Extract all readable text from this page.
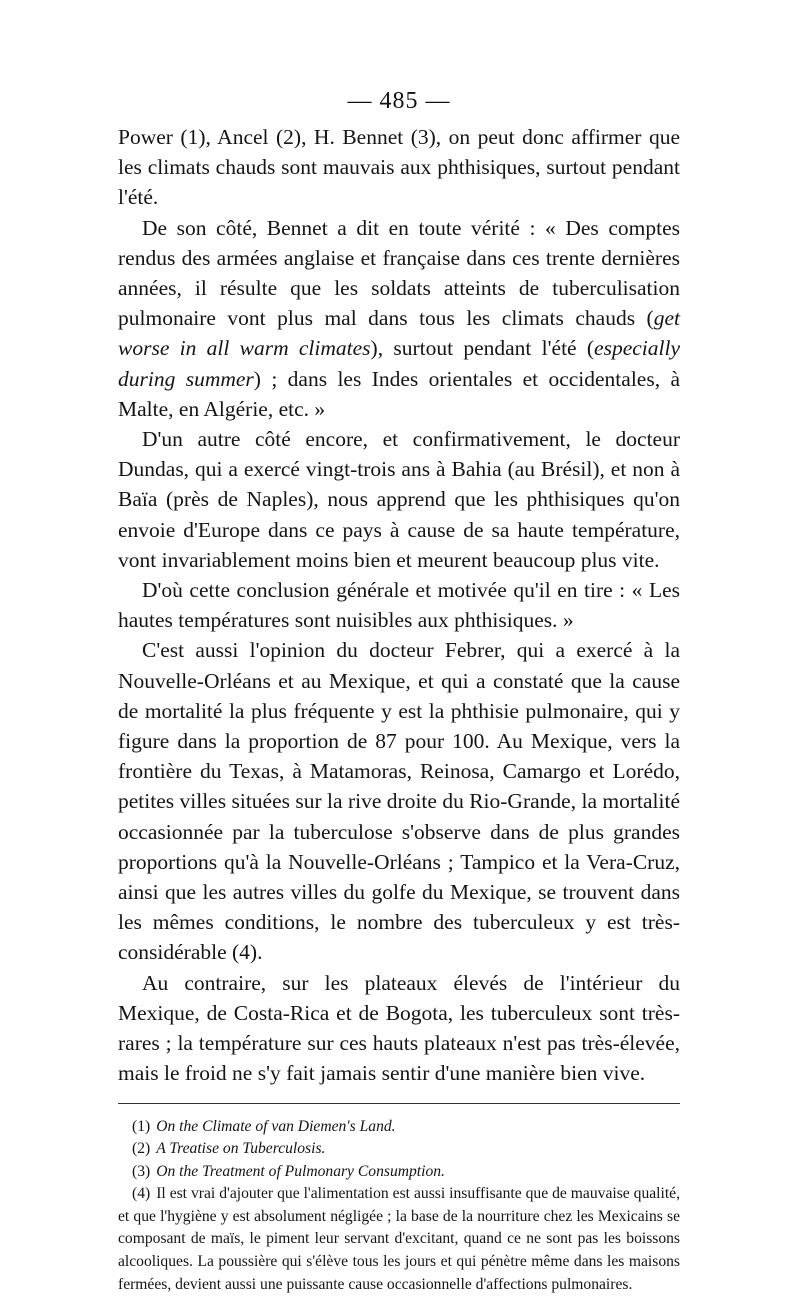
— 485 —

Power (1), Ancel (2), H. Bennet (3), on peut donc affirmer que les climats chauds sont mauvais aux phthisiques, surtout pendant l'été.

De son côté, Bennet a dit en toute vérité : « Des comptes rendus des armées anglaise et française dans ces trente dernières années, il résulte que les soldats atteints de tuberculisation pulmonaire vont plus mal dans tous les climats chauds (get worse in all warm climates), surtout pendant l'été (especially during summer) ; dans les Indes orientales et occidentales, à Malte, en Algérie, etc. »

D'un autre côté encore, et confirmativement, le docteur Dundas, qui a exercé vingt-trois ans à Bahia (au Brésil), et non à Baïa (près de Naples), nous apprend que les phthisiques qu'on envoie d'Europe dans ce pays à cause de sa haute température, vont invariablement moins bien et meurent beaucoup plus vite.

D'où cette conclusion générale et motivée qu'il en tire : « Les hautes températures sont nuisibles aux phthisiques. »

C'est aussi l'opinion du docteur Febrer, qui a exercé à la Nouvelle-Orléans et au Mexique, et qui a constaté que la cause de mortalité la plus fréquente y est la phthisie pulmonaire, qui y figure dans la proportion de 87 pour 100. Au Mexique, vers la frontière du Texas, à Matamoras, Reinosa, Camargo et Lorédo, petites villes situées sur la rive droite du Rio-Grande, la mortalité occasionnée par la tuberculose s'observe dans de plus grandes proportions qu'à la Nouvelle-Orléans ; Tampico et la Vera-Cruz, ainsi que les autres villes du golfe du Mexique, se trouvent dans les mêmes conditions, le nombre des tuberculeux y est très-considérable (4).

Au contraire, sur les plateaux élevés de l'intérieur du Mexique, de Costa-Rica et de Bogota, les tuberculeux sont très-rares ; la température sur ces hauts plateaux n'est pas très-élevée, mais le froid ne s'y fait jamais sentir d'une manière bien vive.

(1) On the Climate of van Diemen's Land.

(2) A Treatise on Tuberculosis.

(3) On the Treatment of Pulmonary Consumption.

(4) Il est vrai d'ajouter que l'alimentation est aussi insuffisante que de mauvaise qualité, et que l'hygiène y est absolument négligée ; la base de la nourriture chez les Mexicains se composant de maïs, le piment leur servant d'excitant, quand ce ne sont pas les boissons alcooliques. La poussière qui s'élève tous les jours et qui pénètre même dans les maisons fermées, devient aussi une puissante cause occasionnelle d'affections pulmonaires.
